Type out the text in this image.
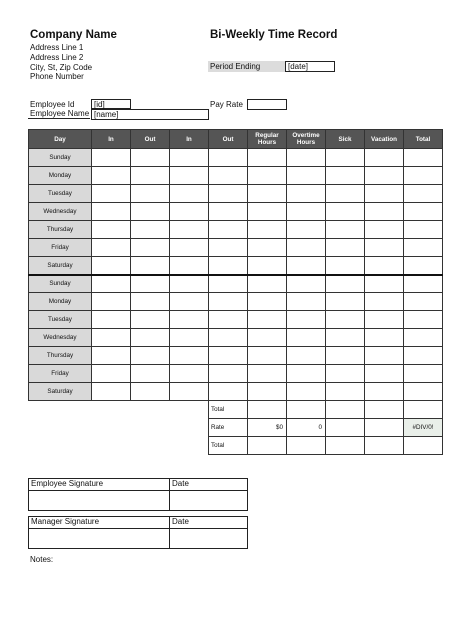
Company Name
Address Line 1
Address Line 2
City, St, Zip Code
Phone Number
Bi-Weekly Time Record
Period Ending	[date]
Employee Id	[id]
Employee Name [name]
Pay Rate
Day	In	Out	In	Out	Regular Hours	Overtime Hours	Sick	Vacation	Total
Sunday									
Monday									
Tuesday									
Wednesday									
Thursday									
Friday									
Saturday									
Sunday									
Monday									
Tuesday									
Wednesday									
Thursday									
Friday									
Saturday									
				Total					
				Rate	$0	0			#DIV/0!
				Total					
Employee Signature	Date
Manager Signature	Date
Notes:
